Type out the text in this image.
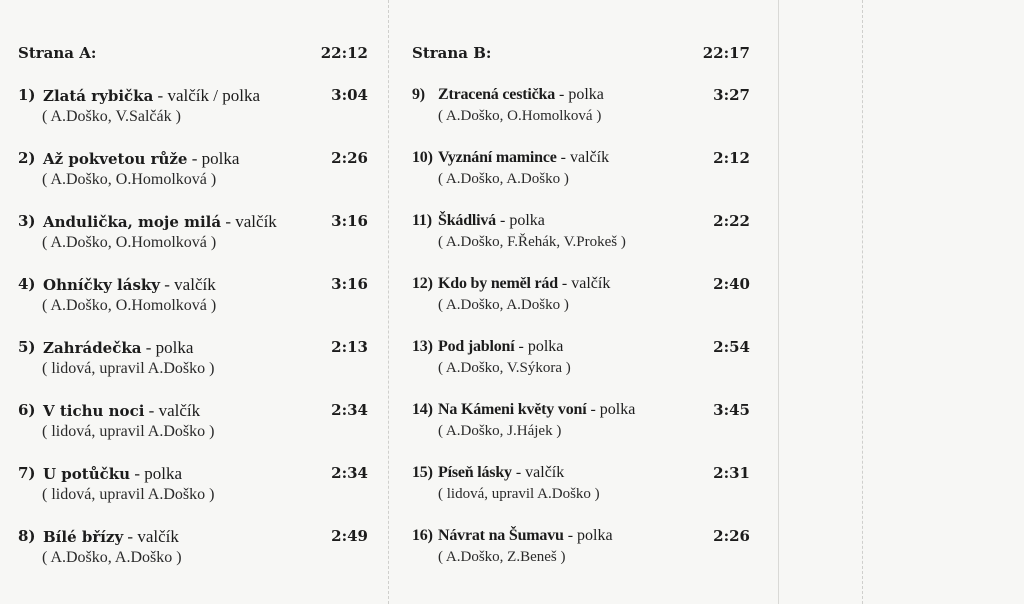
Strana A:	22:12
1) Zlatá rybička - valčík / polka	3:04
( A.Doško, V.Salčák )
2) Až pokvetou růže - polka	2:26
( A.Doško, O.Homolková )
3) Andulička, moje milá - valčík	3:16
( A.Doško, O.Homolková )
4) Ohníčky lásky - valčík	3:16
( A.Doško, O.Homolková )
5) Zahrádečka - polka	2:13
( lidová, upravil A.Doško )
6) V tichu noci - valčík	2:34
( lidová, upravil A.Doško )
7) U potůčku - polka	2:34
( lidová, upravil A.Doško )
8) Bílé břízy - valčík	2:49
( A.Doško, A.Doško )
Strana B:	22:17
9) Ztracená cestička - polka	3:27
( A.Doško, O.Homolková )
10) Vyznání mamince - valčík	2:12
( A.Doško, A.Doško )
11) Škádlivá - polka	2:22
( A.Doško, F.Řehák, V.Prokeš )
12) Kdo by neměl rád - valčík	2:40
( A.Doško, A.Doško )
13) Pod jabloní - polka	2:54
( A.Doško, V.Sýkora )
14) Na Kámeni květy voní - polka	3:45
( A.Doško, J.Hájek )
15) Píseň lásky - valčík	2:31
( lidová, upravil A.Doško )
16) Návrat na Šumavu - polka	2:26
( A.Doško, Z.Beneš )
